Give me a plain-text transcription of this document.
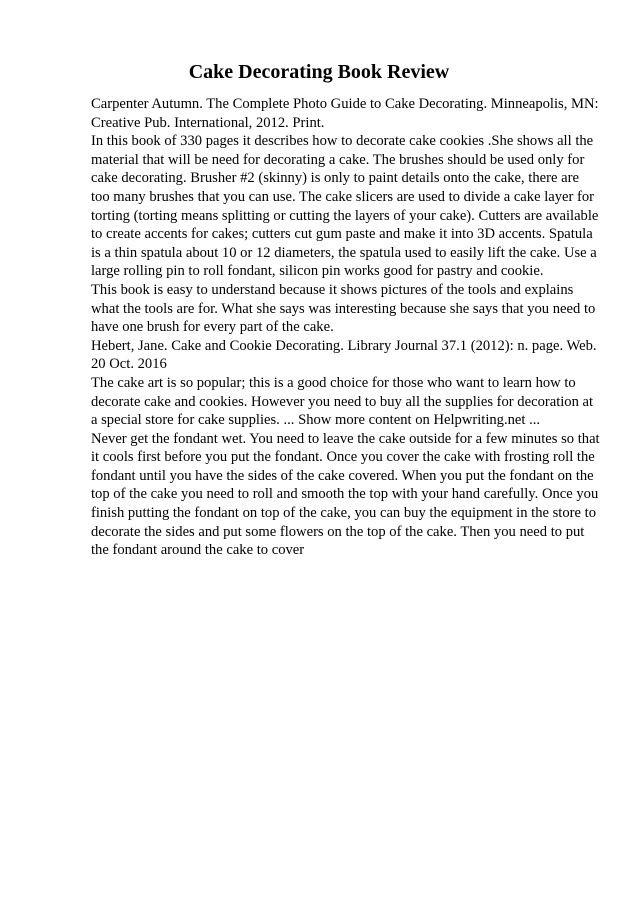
Cake Decorating Book Review

Carpenter Autumn. The Complete Photo Guide to Cake Decorating. Minneapolis, MN: Creative Pub. International, 2012. Print.

In this book of 330 pages it describes how to decorate cake cookies .She shows all the material that will be need for decorating a cake. The brushes should be used only for cake decorating. Brusher #2 (skinny) is only to paint details onto the cake, there are too many brushes that you can use. The cake slicers are used to divide a cake layer for torting (torting means splitting or cutting the layers of your cake). Cutters are available to create accents for cakes; cutters cut gum paste and make it into 3D accents. Spatula is a thin spatula about 10 or 12 diameters, the spatula used to easily lift the cake. Use a large rolling pin to roll fondant, silicon pin works good for pastry and cookie.

This book is easy to understand because it shows pictures of the tools and explains what the tools are for. What she says was interesting because she says that you need to have one brush for every part of the cake.

Hebert, Jane. Cake and Cookie Decorating. Library Journal 37.1 (2012): n. page. Web. 20 Oct. 2016

The cake art is so popular; this is a good choice for those who want to learn how to decorate cake and cookies. However you need to buy all the supplies for decoration at a special store for cake supplies. ... Show more content on Helpwriting.net ...

Never get the fondant wet. You need to leave the cake outside for a few minutes so that it cools first before you put the fondant. Once you cover the cake with frosting roll the fondant until you have the sides of the cake covered. When you put the fondant on the top of the cake you need to roll and smooth the top with your hand carefully. Once you finish putting the fondant on top of the cake, you can buy the equipment in the store to decorate the sides and put some flowers on the top of the cake. Then you need to put the fondant around the cake to cover
